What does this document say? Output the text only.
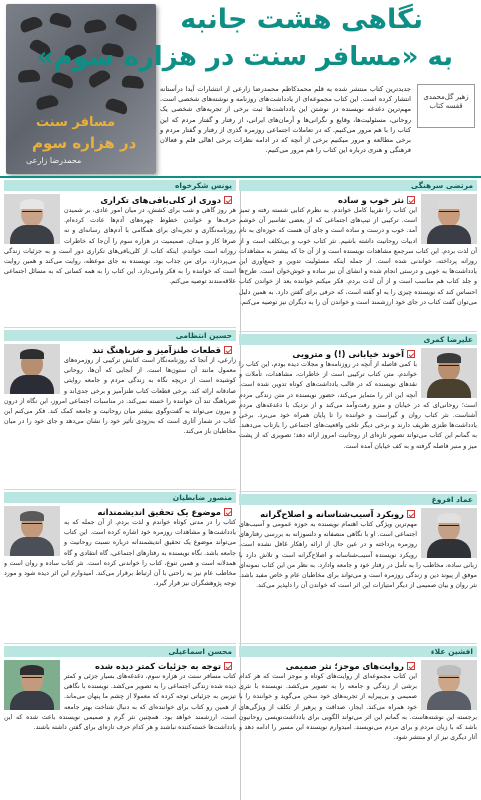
مسافر سنت
در هزاره سوم
محمدرضا زارعی
نگاهی هشت جانبه
به «مسافر سنت در هزاره سوم»
زهیر گل‌محمدی قفسه کتاب
جدیدترین کتاب منتشر شده به قلم محمدکاظم محمدرضا زارعی از انتشارات آیدا درآستانه انتشار کرده است. این کتاب مجموعه‌ای از یادداشت‌های روزنامه و نوشته‌های شخصی است. مهم‌ترین دغدغه نویسنده در نوشتن این یادداشت‌ها ثبت برخی از تجربه‌های شخصی یک روحانی، مسئولیت‌ها، وقایع و نگرانی‌ها و آرمان‌های ایرانی، از رفتار و گفتار مردم که این کتاب را با هم مرور می‌کنیم. که در تعاملات اجتماعی روزمره گذری از رفتار و گفتار مردم و برخی مطالعه و مرور میکنیم برخی از آنچه که در ادامه نظرات برخی اهالی قلم و فعالان فرهنگی و هنری درباره این کتاب را هم مرور می‌کنیم.
مرتضی سرهنگی
نثر خوب و ساده
این کتاب را تقریبا کامل خواندم. به نظرم کتابی شسته رفته و تمیز است. ترکیبی از تیپ‌های اجتماعی که از بعضی تفاسیر آن خوشم آمد. خوب و درست و ساده است و جای آن هست که حوزه‌ای به نام ادبیات روحانیت داشته باشیم. نثر کتاب خوب و بی‌تکلف است و از آن لذت بردم. این کتاب سرجمع مشاهدات نویسنده است و از آن جا که بیشتر به مشاهدات روزانه پرداخته، خواندنی شده است. از جمله اینکه مسئولیت تدوین و جمع‌آوری این یادداشت‌ها به خوبی و درستی انجام شده و انشای آن نیز ساده و خوش‌خوان است. طرح‌ها و جلد کتاب هم مناسب است و از آن لذت بردم. فکر میکنم خواننده بعد از خواندن کتاب احساس کند که نویسنده چیزی را به او گفته است، که حرفی برای گفتن دارد. به همین دلیل می‌توان گفت کتاب در جای خود ارزشمند است و خواندن آن را به دیگران نیز توصیه می‌کنم.
علیرضا کمری
آخوند خیابانی (!) و مترویی
با کمی فاصله از آنچه در روزنامه‌ها و مجلات دیده بودم، این کتاب را خواندم. متن کتاب ترکیبی است از خاطرات، مشاهدات، تأملات و نقدهای نویسنده که در قالب یادداشت‌های کوتاه تدوین شده است. آنچه این اثر را متمایز می‌کند، حضور نویسنده در متن زندگی مردم است؛ روحانی‌ای که در خیابان و مترو رفت‌وآمد می‌کند و از نزدیک با دغدغه‌های مردم آشناست. نثر کتاب روان و گیراست و خواننده را تا پایان همراه خود می‌برد. برخی یادداشت‌ها طنزی ظریف دارند و برخی دیگر تلخی واقعیت‌های اجتماعی را بازتاب می‌دهند. به گمانم این کتاب می‌تواند تصویر تازه‌ای از روحانیت امروز ارائه دهد؛ تصویری که از پشت میز و منبر فاصله گرفته و به کف خیابان آمده است.
عماد افروغ
رویکرد آسیب‌شناسانه و اصلاح‌گرانه
مهم‌ترین ویژگی کتاب اهتمام نویسنده به حوزه عمومی و آسیب‌های اجتماعی است. او با نگاهی منصفانه و دلسوزانه به بررسی رفتارهای روزمره پرداخته و در عین حال از ارائه راهکار غافل نشده است. رویکرد نویسنده آسیب‌شناسانه و اصلاح‌گرانه است و تلاش دارد با زبانی ساده، مخاطب را به تأمل در رفتار خود و جامعه وادارد. به نظر من این کتاب نمونه‌ای موفق از پیوند دین و زندگی روزمره است و می‌تواند برای مخاطبان عام و خاص مفید باشد. نثر روان و بیان صمیمی از دیگر امتیازات این اثر است که خواندن آن را دلپذیر می‌کند.
افشین علاء
روایت‌های موجز؛ نثر صمیمی
این کتاب مجموعه‌ای از روایت‌های کوتاه و موجز است که هر کدام برشی از زندگی و جامعه را به تصویر می‌کشد. نویسنده با نثری صمیمی و بی‌پیرایه از تجربه‌های خود سخن می‌گوید و خواننده را با خود همراه می‌کند. ایجاز، صداقت و پرهیز از تکلف از ویژگی‌های برجسته این نوشته‌هاست. به گمانم این اثر می‌تواند الگویی برای یادداشت‌نویسی روحانیون باشد که با زبان مردم و برای مردم می‌نویسند. امیدوارم نویسنده این مسیر را ادامه دهد و آثار دیگری نیز از او منتشر شود.
یونس شکرخواه
دوری از کلی‌بافی‌های تکراری
هر روز گاهی و شب برای کشش، در میان امور عادی، بر شمیدن حرف‌ها و خواندن خطوط چهره‌های آدم‌ها عادت کرده‌ام. روزنامه‌نگاری و تجربه‌ای برای همگامی با آدم‌های رسانه‌ای و نه صرفا کار و میدان. صمیمیت در هزاره سوم را آن‌جا که خاطرات روزانه است خواندم. اینکه کتاب از کلی‌بافی‌های تکراری دور است و به جزئیات زندگی می‌پردازد، برای من جذاب بود. نویسنده به جای موعظه، روایت می‌کند و همین روایت است که خواننده را به فکر وامی‌دارد. این کتاب را به همه کسانی که به مسائل اجتماعی علاقه‌مندند توصیه می‌کنم.
حسین انتظامی
قطعات طنزآمیز و ضرباهنگ تند
زارعی، از آنجا که روزنامه‌نگار است کتابش ترکیبی از روزمره‌های معمول مانند آن ستون‌ها است. از آنجایی که آن‌ها، روحانی کوشیده است از دریچه نگاه به زندگی مردم و جامعه روایتی صادقانه ارائه کند. برخی قطعات کتاب طنزآمیز و برخی جدی‌اند و ضرباهنگ تند آن خواننده را خسته نمی‌کند. در مناسبات اجتماعی امروز، این نگاه از درون و بیرون می‌تواند به گفت‌وگوی بیشتر میان روحانیت و جامعه کمک کند. فکر می‌کنم این کتاب در شمار آثاری است که به‌زودی تأثیر خود را نشان می‌دهد و جای خود را در میان مخاطبان باز می‌کند.
منصور ضابطیان
موضوع یک تحقیق اندیشمندانه
کتاب را در مدتی کوتاه خواندم و لذت بردم. از آن جمله که به یادداشت‌ها و مشاهدات روزمره خود اشاره کرده است. این کتاب می‌تواند موضوع یک تحقیق اندیشمندانه درباره نسبت روحانیت و جامعه باشد. نگاه نویسنده به رفتارهای اجتماعی، گاه انتقادی و گاه همدلانه است و همین تنوع، کتاب را خواندنی کرده است. نثر کتاب ساده و روان است و مخاطب عام نیز به راحتی با آن ارتباط برقرار می‌کند. امیدوارم این اثر دیده شود و مورد توجه پژوهشگران نیز قرار گیرد.
محسن اسماعیلی
توجه به جزئیات کمتر دیده شده
کتاب مسافر سنت در هزاره سوم، دغدغه‌های بسیار جزئی و کمتر دیده شده زندگی اجتماعی را به تصویر می‌کشد. نویسنده با نگاهی تیزبین به جزئیاتی توجه کرده که معمولا از چشم ما پنهان می‌ماند. از همین رو کتاب برای خواننده‌ای که به دنبال شناخت بهتر جامعه است، ارزشمند خواهد بود. همچنین نثر گرم و صمیمی نویسنده باعث شده که این یادداشت‌ها خسته‌کننده نباشند و هر کدام حرف تازه‌ای برای گفتن داشته باشند.
